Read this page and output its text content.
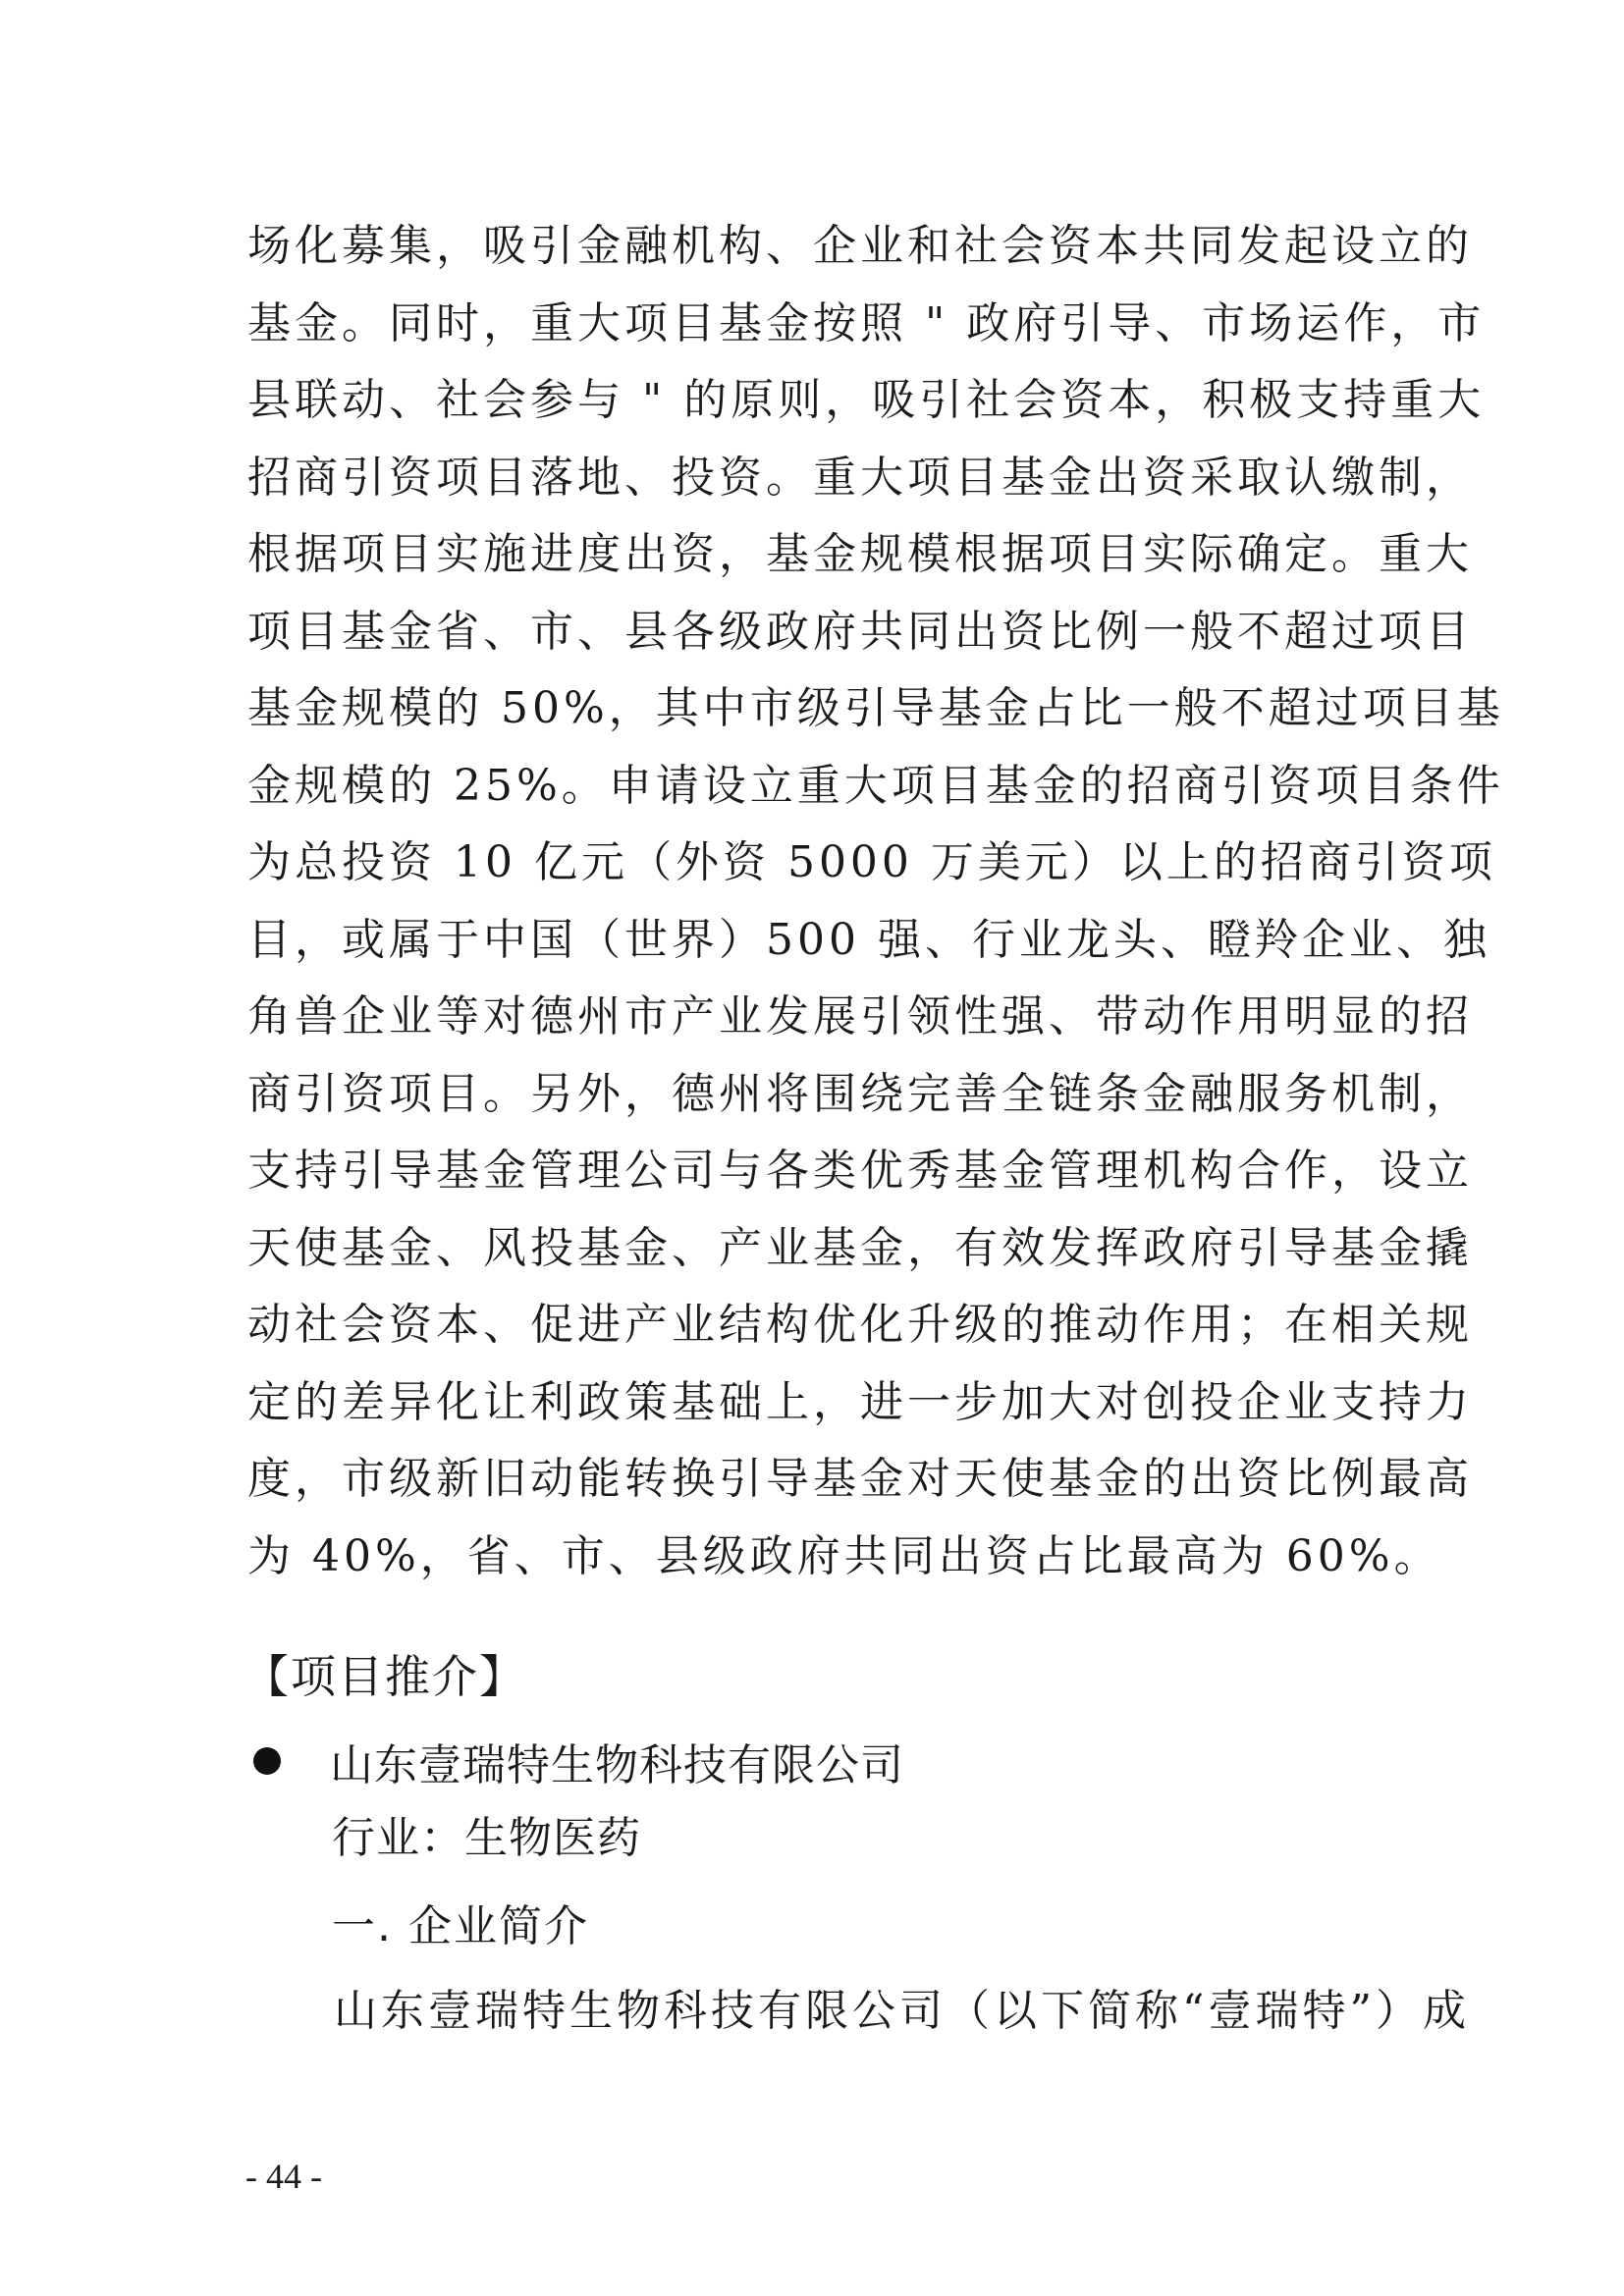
场化募集，吸引金融机构、企业和社会资本共同发起设立的
基金。同时，重大项目基金按照 " 政府引导、市场运作，市
县联动、社会参与 " 的原则，吸引社会资本，积极支持重大
招商引资项目落地、投资。重大项目基金出资采取认缴制，
根据项目实施进度出资，基金规模根据项目实际确定。重大
项目基金省、市、县各级政府共同出资比例一般不超过项目
基金规模的 50%，其中市级引导基金占比一般不超过项目基
金规模的 25%。申请设立重大项目基金的招商引资项目条件
为总投资 10 亿元（外资 5000 万美元）以上的招商引资项
目，或属于中国（世界）500 强、行业龙头、瞪羚企业、独
角兽企业等对德州市产业发展引领性强、带动作用明显的招
商引资项目。另外，德州将围绕完善全链条金融服务机制，
支持引导基金管理公司与各类优秀基金管理机构合作，设立
天使基金、风投基金、产业基金，有效发挥政府引导基金撬
动社会资本、促进产业结构优化升级的推动作用；在相关规
定的差异化让利政策基础上，进一步加大对创投企业支持力
度，市级新旧动能转换引导基金对天使基金的出资比例最高
为 40%，省、市、县级政府共同出资占比最高为 60%。
【项目推介】
山东壹瑞特生物科技有限公司
行业：生物医药
一. 企业简介
山东壹瑞特生物科技有限公司（以下简称“壹瑞特”）成
- 44 -
